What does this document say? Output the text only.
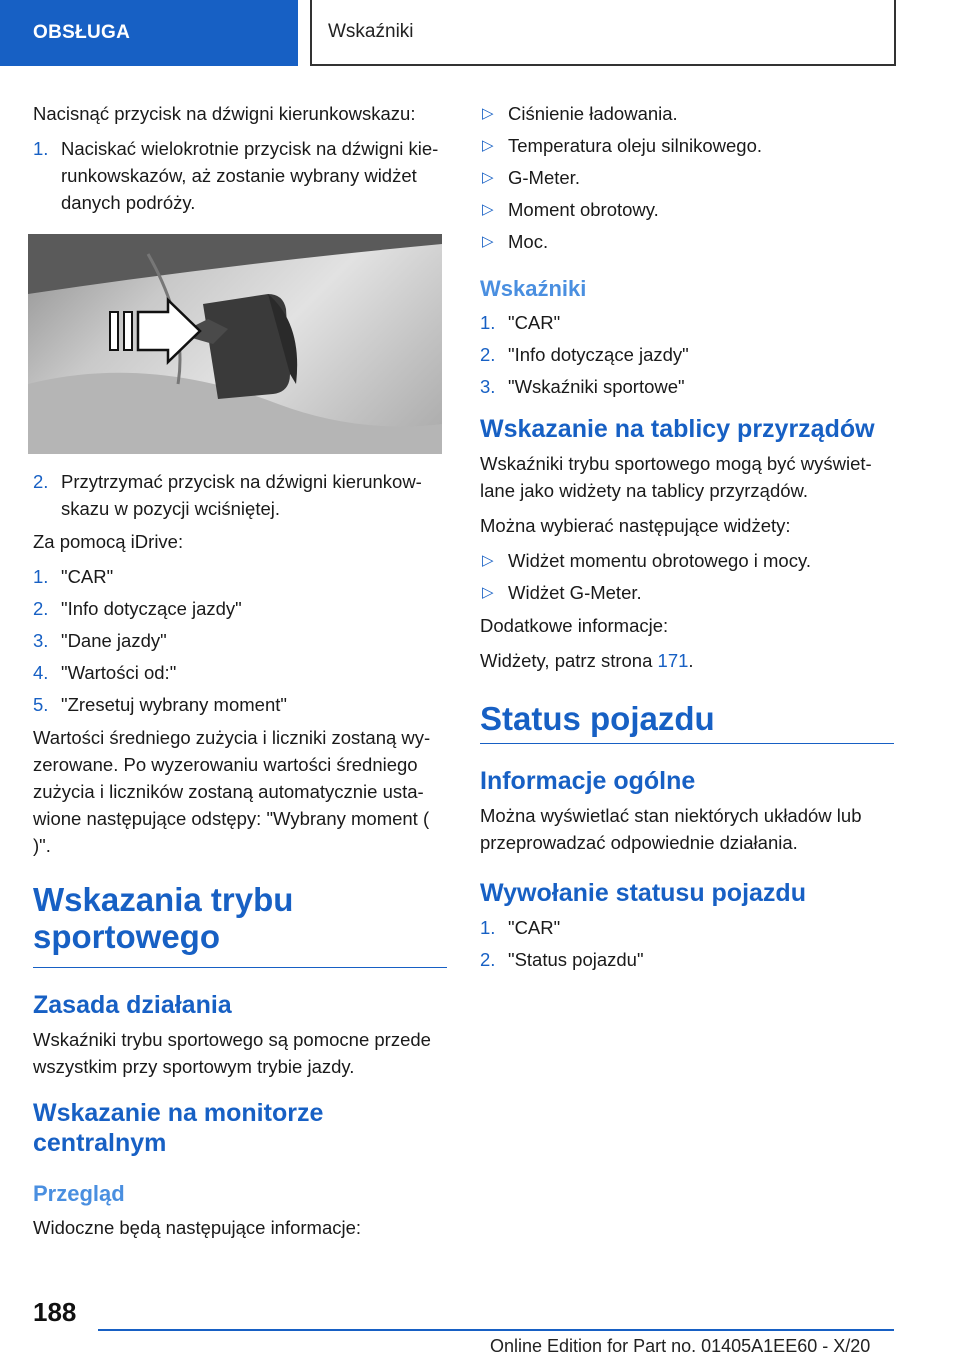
OBSŁUGA	Wskaźniki

Nacisnąć przycisk na dźwigni kierunkowskazu:

1. Naciskać wielokrotnie przycisk na dźwigni kie-runkowskazów, aż zostanie wybrany widżet danych podróży.
2. Przytrzymać przycisk na dźwigni kierunkow-skazu w pozycji wciśniętej.

Za pomocą iDrive:

1. "CAR"
2. "Info dotyczące jazdy"
3. "Dane jazdy"
4. "Wartości od:"
5. "Zresetuj wybrany moment"

Wartości średniego zużycia i liczniki zostaną wy-zerowane. Po wyzerowaniu wartości średniego zużycia i liczników zostaną automatycznie usta-wione następujące odstępy: "Wybrany moment ( )".

Wskazania trybu sportowego
Zasada działania

Wskaźniki trybu sportowego są pomocne przede wszystkim przy sportowym trybie jazdy.

Wskazanie na monitorze centralnym
Przegląd

Widoczne będą następujące informacje:

▷ Ciśnienie ładowania.
▷ Temperatura oleju silnikowego.
▷ G-Meter.
▷ Moment obrotowy.
▷ Moc.
Wskaźniki
1. "CAR"
2. "Info dotyczące jazdy"
3. "Wskaźniki sportowe"
Wskazanie na tablicy przyrządów

Wskaźniki trybu sportowego mogą być wyświet-lane jako widżety na tablicy przyrządów.

Można wybierać następujące widżety:

▷ Widżet momentu obrotowego i mocy.
▷ Widżet G-Meter.

Dodatkowe informacje:

Widżety, patrz strona 171.

Status pojazdu
Informacje ogólne

Można wyświetlać stan niektórych układów lub przeprowadzać odpowiednie działania.

Wywołanie statusu pojazdu
1. "CAR"
2. "Status pojazdu"
188
Online Edition for Part no. 01405A1EE60 - X/20
